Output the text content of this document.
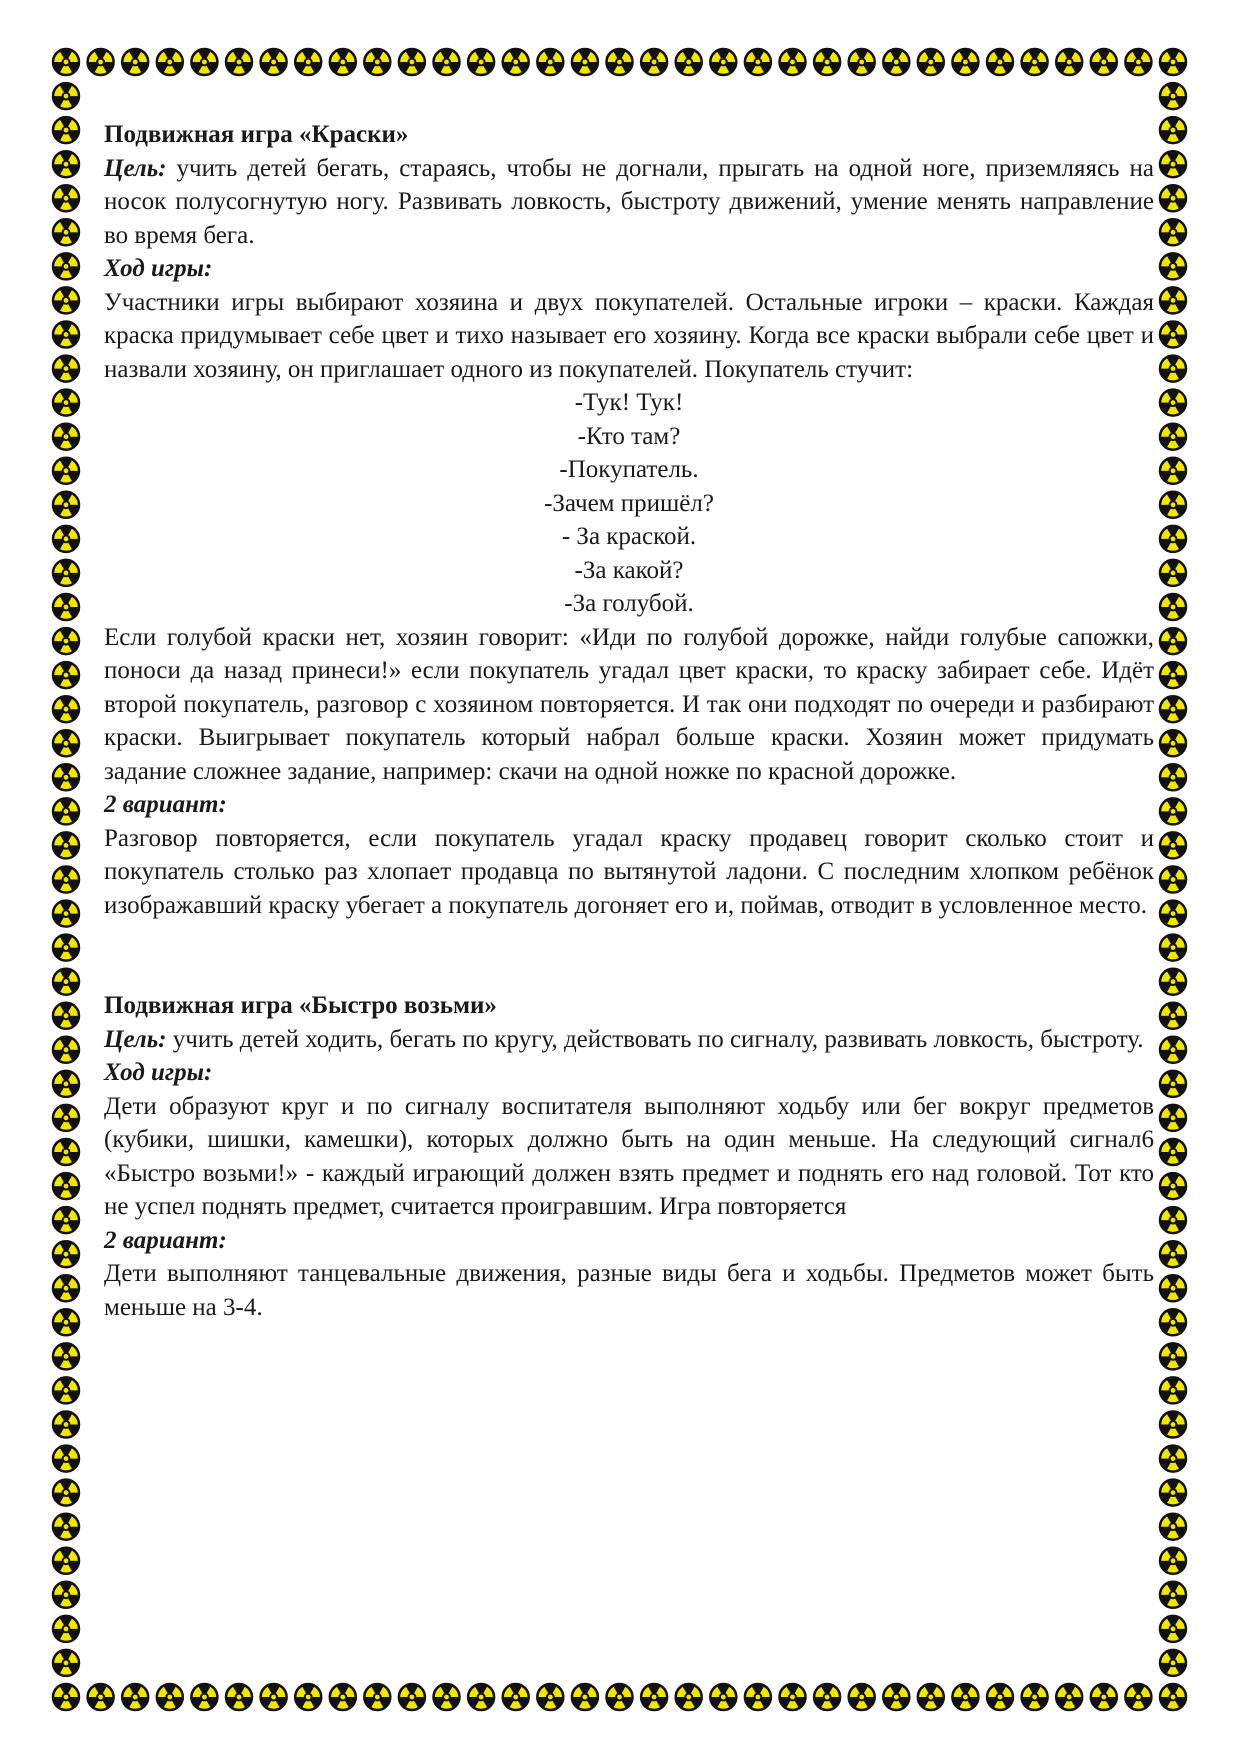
Подвижная игра «Краски»

Цель: учить детей бегать, стараясь, чтобы не догнали, прыгать на одной ноге, приземляясь на носок полусогнутую ногу. Развивать ловкость, быстроту движений, умение менять направление во время бега.

Ход игры:

Участники игры выбирают хозяина и двух покупателей. Остальные игроки – краски. Каждая краска придумывает себе цвет и тихо называет его хозяину. Когда все краски выбрали себе цвет и назвали хозяину, он приглашает одного из покупателей. Покупатель стучит:

-Тук! Тук!
-Кто там?
-Покупатель.
-Зачем пришёл?
- За краской.
-За какой?
-За голубой.

Если голубой краски нет, хозяин говорит: «Иди по голубой дорожке, найди голубые сапожки, поноси да назад принеси!» если покупатель угадал цвет краски, то краску забирает себе. Идёт второй покупатель, разговор с хозяином повторяется. И так они подходят по очереди и разбирают краски. Выигрывает покупатель который набрал больше краски. Хозяин может придумать задание сложнее задание, например: скачи на одной ножке по красной дорожке.

2 вариант:

Разговор повторяется, если покупатель угадал краску продавец говорит сколько стоит и покупатель столько раз хлопает продавца по вытянутой ладони. С последним хлопком ребёнок изображавший краску убегает а покупатель догоняет его и, поймав, отводит в условленное место.

Подвижная игра «Быстро возьми»

Цель: учить детей ходить, бегать по кругу, действовать по сигналу, развивать ловкость, быстроту.

Ход игры:

Дети образуют круг и по сигналу воспитателя выполняют ходьбу или бег вокруг предметов (кубики, шишки, камешки), которых должно быть на один меньше. На следующий сигнал6 «Быстро возьми!» - каждый играющий должен взять предмет и поднять его над головой. Тот кто не успел поднять предмет, считается проигравшим. Игра повторяется

2 вариант:

Дети выполняют танцевальные движения, разные виды бега и ходьбы. Предметов может быть меньше на 3-4.
